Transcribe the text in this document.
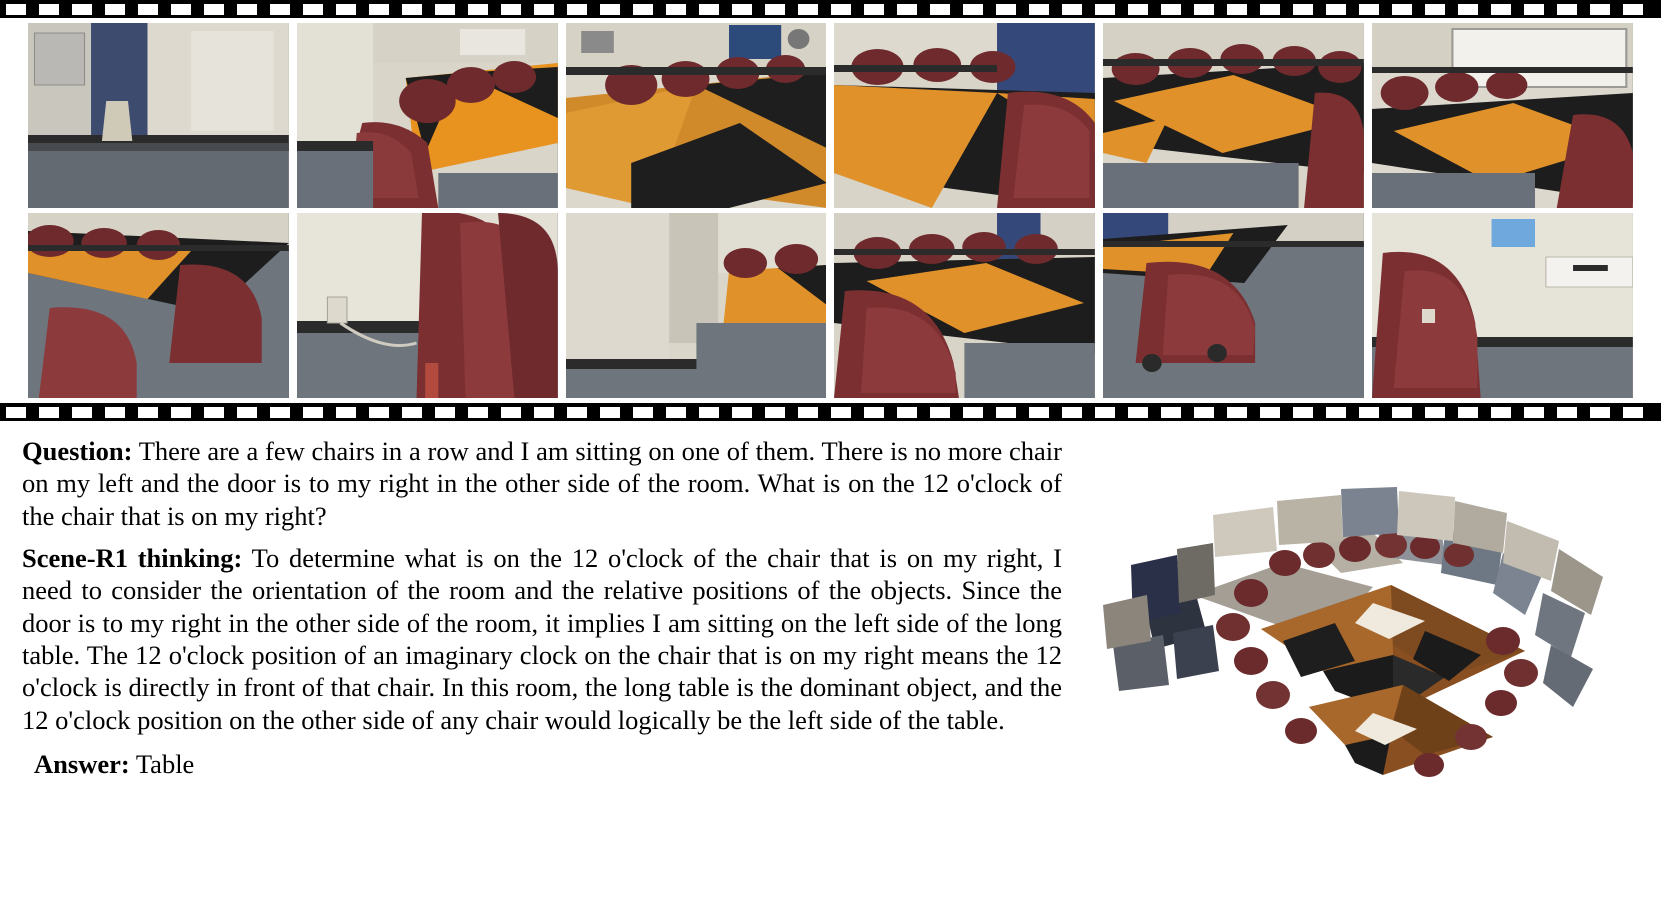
Question: There are a few chairs in a row and I am sitting on one of them. There is no more chair on my left and the door is to my right in the other side of the room. What is on the 12 o'clock of the chair that is on my right?

Scene-R1 thinking: To determine what is on the 12 o'clock of the chair that is on my right, I need to consider the orientation of the room and the relative positions of the objects. Since the door is to my right in the other side of the room, it implies I am sitting on the left side of the long table. The 12 o'clock position of an imaginary clock on the chair that is on my right means the 12 o'clock is directly in front of that chair. In this room, the long table is the dominant object, and the 12 o'clock position on the other side of any chair would logically be the left side of the table.

Answer: Table
